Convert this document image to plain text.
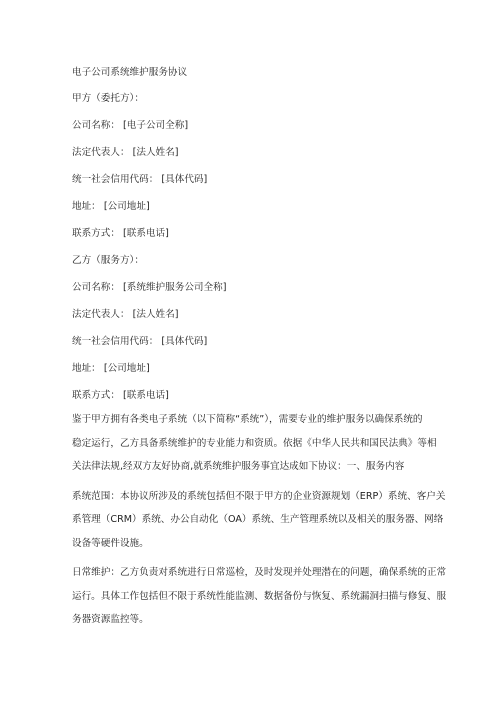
电子公司系统维护服务协议
甲方（委托方）：
公司名称： [电子公司全称]
法定代表人： [法人姓名]
统一社会信用代码： [具体代码]
地址： [公司地址]
联系方式： [联系电话]
乙方（服务方）：
公司名称： [系统维护服务公司全称]
法定代表人： [法人姓名]
统一社会信用代码： [具体代码]
地址： [公司地址]
联系方式： [联系电话]
鉴于甲方拥有各类电子系统（以下简称“系统”），需要专业的维护服务以确保系统的
稳定运行，乙方具备系统维护的专业能力和资质。依据《中华人民共和国民法典》等相
关法律法规,经双方友好协商,就系统维护服务事宜达成如下协议：一、服务内容
系统范围：本协议所涉及的系统包括但不限于甲方的企业资源规划（ERP）系统、客户关
系管理（CRM）系统、办公自动化（OA）系统、生产管理系统以及相关的服务器、网络
设备等硬件设施。
日常维护：乙方负责对系统进行日常巡检，及时发现并处理潜在的问题，确保系统的正常
运行。具体工作包括但不限于系统性能监测、数据备份与恢复、系统漏洞扫描与修复、服
务器资源监控等。
